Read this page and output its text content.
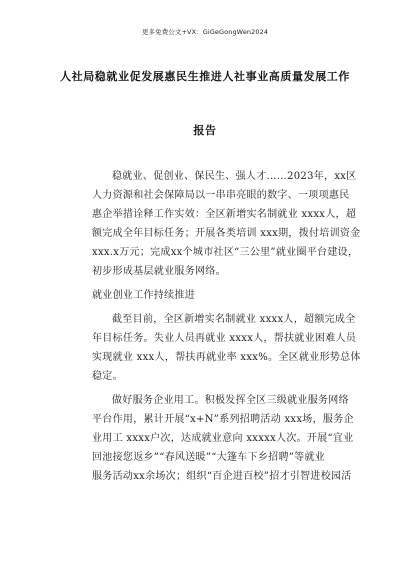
更多免费公文+VX：GiGeGongWen2024
人社局稳就业促发展惠民生推进人社事业高质量发展工作
报告
稳就业、促创业、保民生、强人才……2023年，xx区
人力资源和社会保障局以一串串亮眼的数字、一项项惠民
惠企举措诠释工作实效：全区新增实名制就业 xxxx人，超
额完成全年目标任务；开展各类培训 xxx期，拨付培训资金
xxx.x万元；完成xx个城市社区“三公里”就业圈平台建设，
初步形成基层就业服务网络。
就业创业工作持续推进
截至目前，全区新增实名制就业 xxxx人，超额完成全
年目标任务。失业人员再就业 xxxx人，帮扶就业困难人员
实现就业 xxx人，帮扶再就业率 xxx%。全区就业形势总体
稳定。
做好服务企业用工。积极发挥全区三级就业服务网络
平台作用，累计开展“x+N”系列招聘活动 xxx场，服务企
业用工 xxxx户次，达成就业意向 xxxxx人次。开展“宜业
回池接您返乡”“春风送暖”“大篷车下乡招聘”等就业
服务活动xx余场次；组织“百企进百校”招才引智进校园活
